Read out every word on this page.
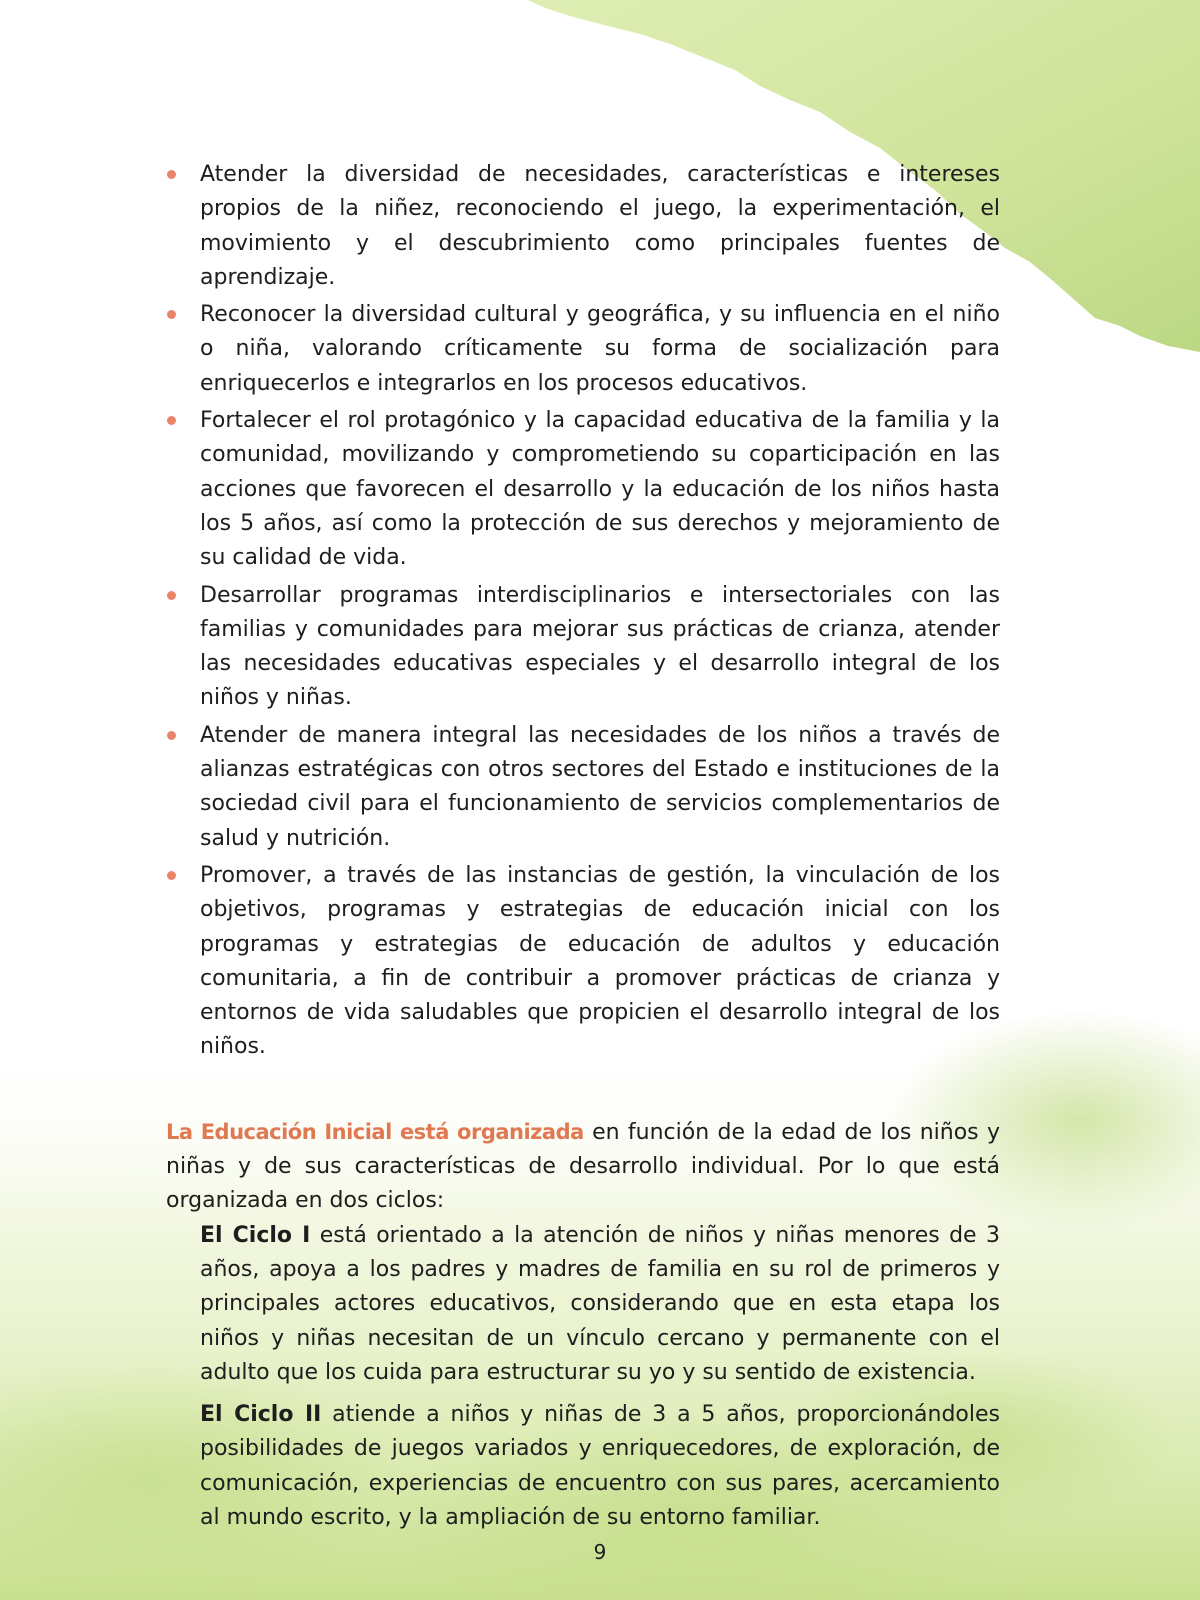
Atender la diversidad de necesidades, características e intereses propios de la niñez, reconociendo el juego, la experimentación, el movimiento y el descubrimiento como principales fuentes de aprendizaje.
Reconocer la diversidad cultural y geográfica, y su influencia en el niño o niña, valorando críticamente su forma de socialización para enriquecerlos e integrarlos en los procesos educativos.
Fortalecer el rol protagónico y la capacidad educativa de la familia y la comunidad, movilizando y comprometiendo su coparticipación en las acciones que favorecen el desarrollo y la educación de los niños hasta los 5 años, así como la protección de sus derechos y mejoramiento de su calidad de vida.
Desarrollar programas interdisciplinarios e intersectoriales con las familias y comunidades para mejorar sus prácticas de crianza, atender las necesidades educativas especiales y el desarrollo integral de los niños y niñas.
Atender de manera integral las necesidades de los niños a través de alianzas estratégicas con otros sectores del Estado e instituciones de la sociedad civil para el funcionamiento de servicios complementarios de salud y nutrición.
Promover, a través de las instancias de gestión, la vinculación de los objetivos, programas y estrategias de educación inicial con los programas y estrategias de educación de adultos y educación comunitaria, a fin de contribuir a promover prácticas de crianza y entornos de vida saludables que propicien el desarrollo integral de los niños.

La Educación Inicial está organizada en función de la edad de los niños y niñas y de sus características de desarrollo individual. Por lo que está organizada en dos ciclos:

El Ciclo I está orientado a la atención de niños y niñas menores de 3 años, apoya a los padres y madres de familia en su rol de primeros y principales actores educativos, considerando que en esta etapa los niños y niñas necesitan de un vínculo cercano y permanente con el adulto que los cuida para estructurar su yo y su sentido de existencia.

El Ciclo II atiende a niños y niñas de 3 a 5 años, proporcionándoles posibilidades de juegos variados y enriquecedores, de exploración, de comunicación, experiencias de encuentro con sus pares, acercamiento al mundo escrito, y la ampliación de su entorno familiar.

9
